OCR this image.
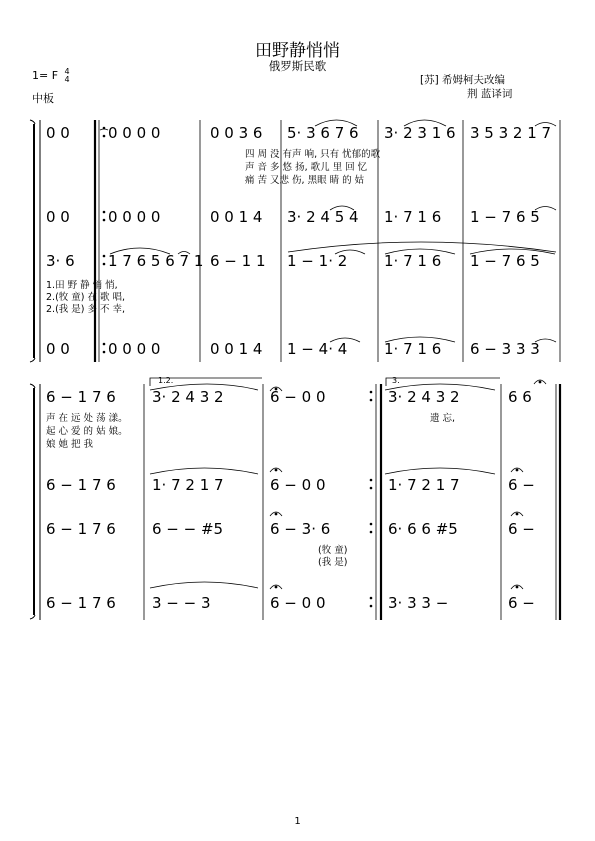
田野静悄悄
俄罗斯民歌
1= F 4
4
中板
[苏] 希姆柯夫改编
荆 蓝译词
1.2.	3.
0 0	0 0 0 0	0 0 3 6 5· 3 6 7 6 3· 2 3 1 6 3 5 3 2 1 7
四 周 没 有声 响, 只有 忧郁的歌
声 音 多 悠 扬, 歌儿 里 回 忆
痛 苦 又悲 伤, 黑眼 睛 的 姑
0 0	0 0 0 0	0 0 1 4 3· 2 4 5 4 1· 7 1 6 1 − 7 6 5
3· 6 1 7 6 5 6 7 1 6 − 1 1 1 − 1· 2 1· 7 1 6 1 − 7 6 5
1.田 野 静 悄 悄,
2.(牧 童) 在 歌 唱,
2.(我 是) 多 不 幸,
0 0	0 0 0 0	0 0 1 4 1 − 4· 4 1· 7 1 6 6 − 3 3 3
6 − 1 7 6 3· 2 4 3 2	6 − 0 0	3· 2 4 3 2	6 6
声 在 远 处 荡 漾。
起 心 爱 的 姑 娘。
娘 她 把 我
遗 忘,
6 − 1 7 6 1· 7 2 1 7	6 − 0 0	1· 7 2 1 7	6 −
6 − 1 7 6 6 − − #5	6 − 3· 6	6· 6 6 #5	6 −
(牧 童)
(我 是)
6 − 1 7 6 3 − − 3	6 − 0 0	3· 3 3 −	6 −
1
